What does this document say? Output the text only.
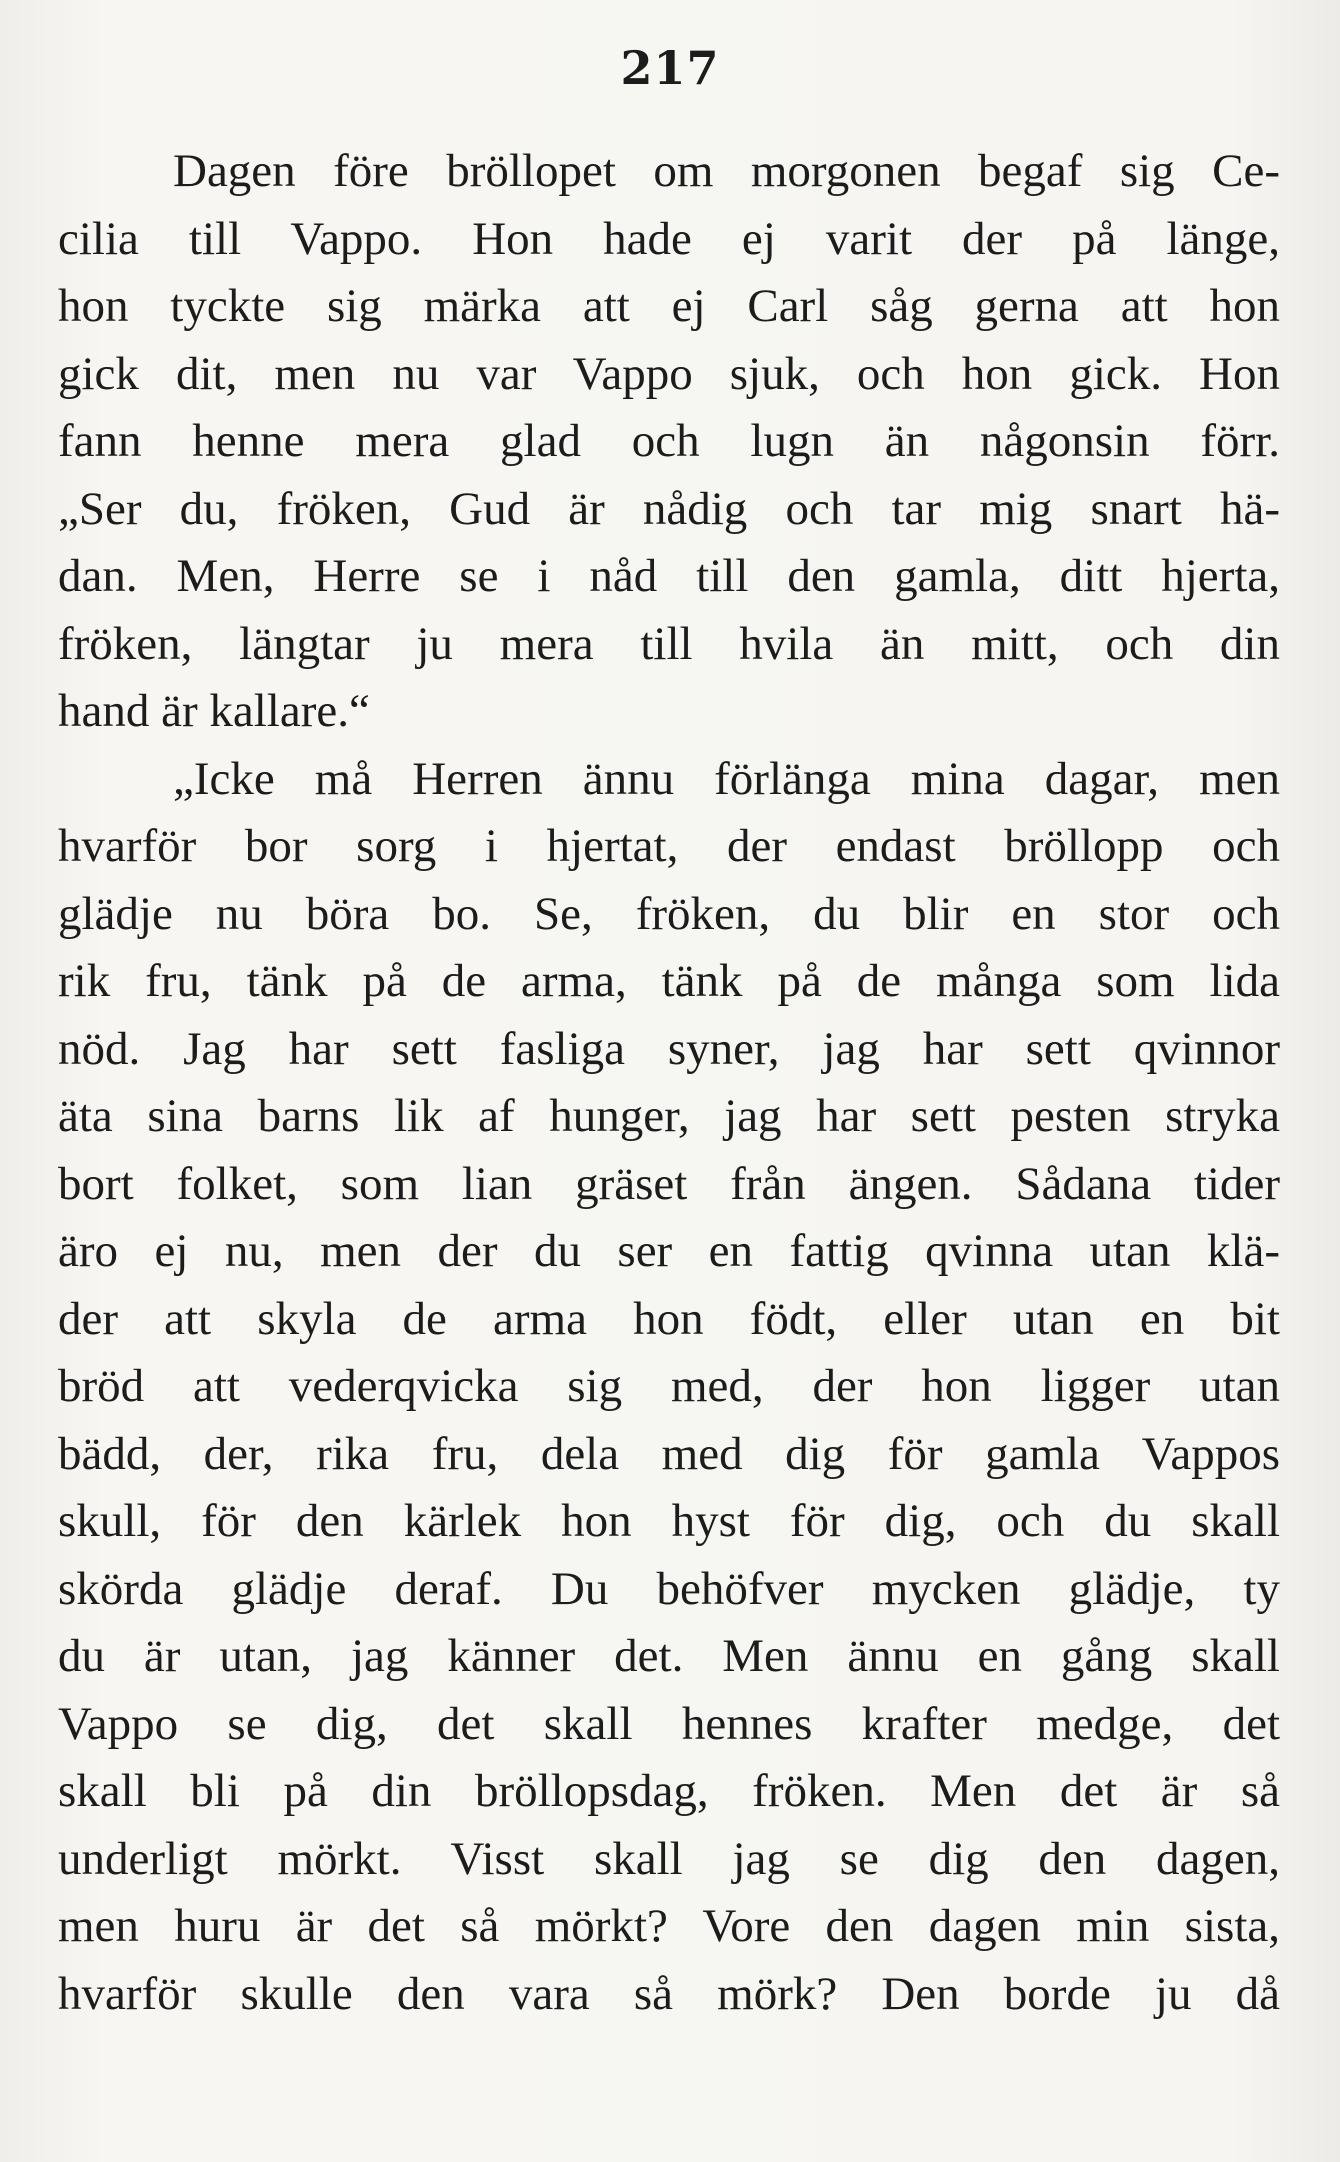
217
Dagen före bröllopet om morgonen begaf sig Ce-
cilia till Vappo. Hon hade ej varit der på länge,
hon tyckte sig märka att ej Carl såg gerna att hon
gick dit, men nu var Vappo sjuk, och hon gick. Hon
fann henne mera glad och lugn än någonsin förr.
„Ser du, fröken, Gud är nådig och tar mig snart hä-
dan. Men, Herre se i nåd till den gamla, ditt hjerta,
fröken, längtar ju mera till hvila än mitt, och din
hand är kallare.“
„Icke må Herren ännu förlänga mina dagar, men
hvarför bor sorg i hjertat, der endast bröllopp och
glädje nu böra bo. Se, fröken, du blir en stor och
rik fru, tänk på de arma, tänk på de många som lida
nöd. Jag har sett fasliga syner, jag har sett qvinnor
äta sina barns lik af hunger, jag har sett pesten stryka
bort folket, som lian gräset från ängen. Sådana tider
äro ej nu, men der du ser en fattig qvinna utan klä-
der att skyla de arma hon födt, eller utan en bit
bröd att vederqvicka sig med, der hon ligger utan
bädd, der, rika fru, dela med dig för gamla Vappos
skull, för den kärlek hon hyst för dig, och du skall
skörda glädje deraf. Du behöfver mycken glädje, ty
du är utan, jag känner det. Men ännu en gång skall
Vappo se dig, det skall hennes krafter medge, det
skall bli på din bröllopsdag, fröken. Men det är så
underligt mörkt. Visst skall jag se dig den dagen,
men huru är det så mörkt? Vore den dagen min sista,
hvarför skulle den vara så mörk? Den borde ju då
